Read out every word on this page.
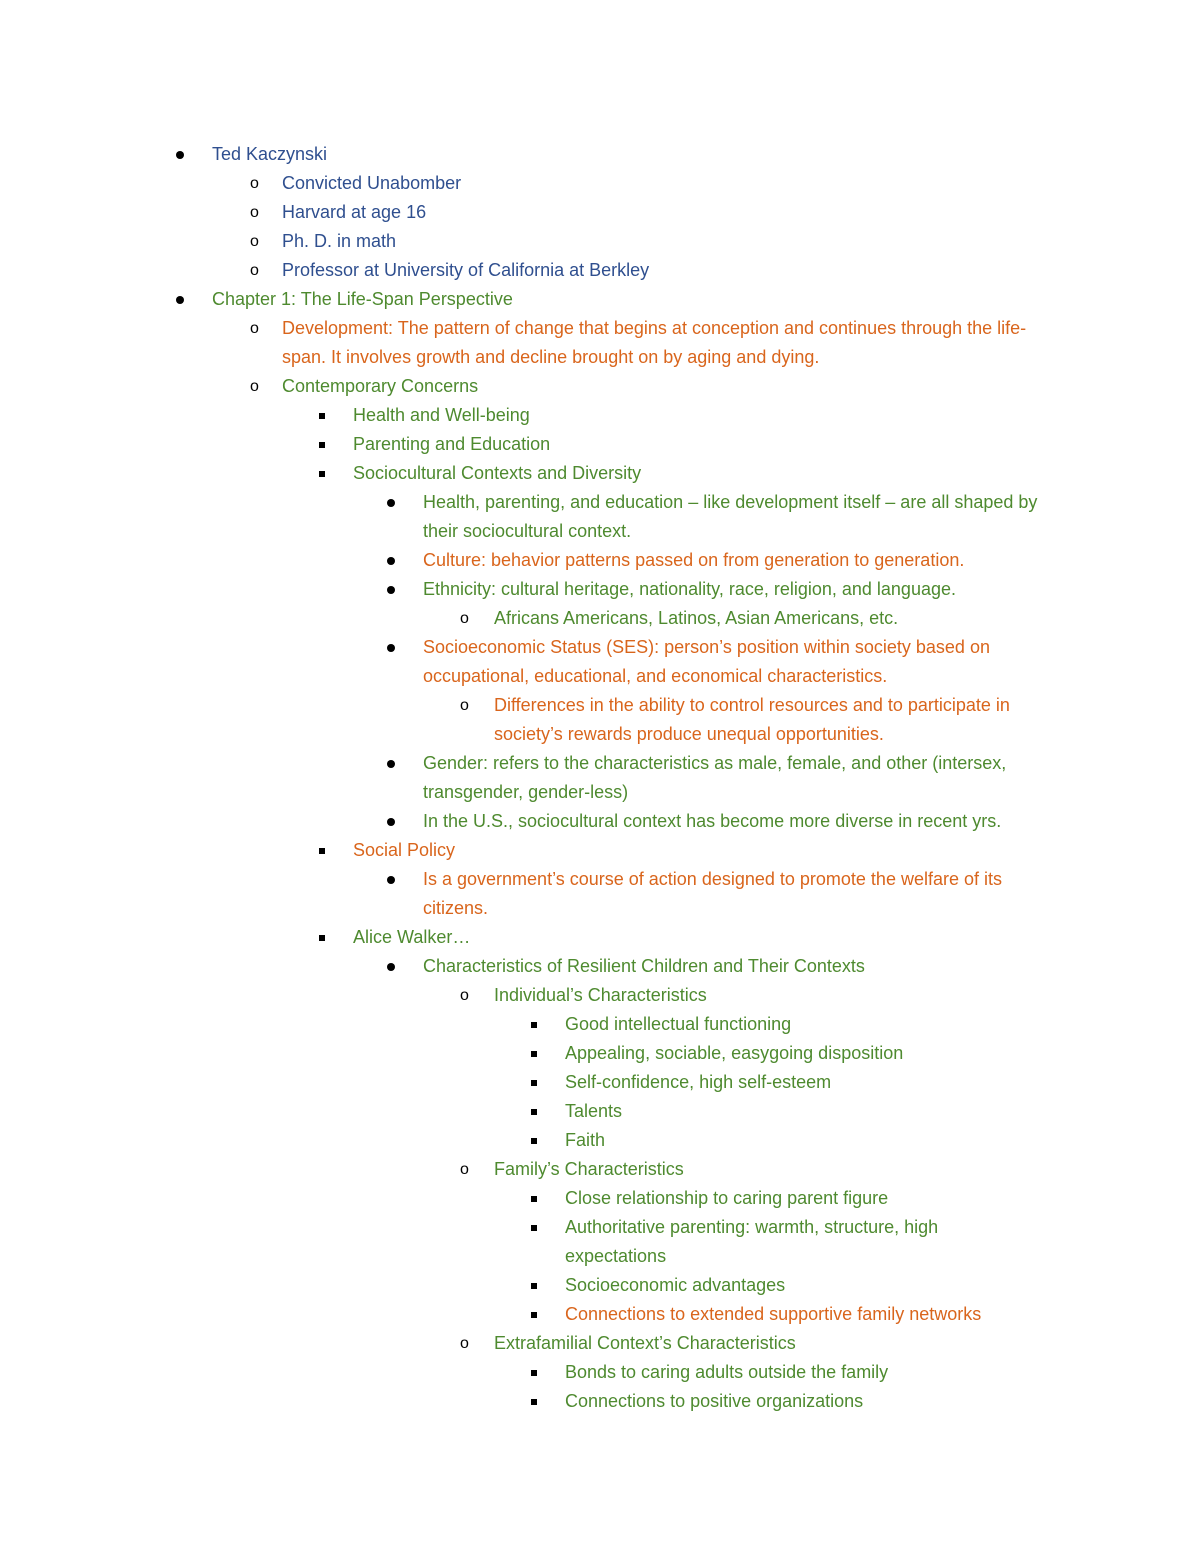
Ted Kaczynski
Convicted Unabomber
Harvard at age 16
Ph. D. in math
Professor at University of California at Berkley
Chapter 1: The Life-Span Perspective
Development: The pattern of change that begins at conception and continues through the life-span. It involves growth and decline brought on by aging and dying.
Contemporary Concerns
Health and Well-being
Parenting and Education
Sociocultural Contexts and Diversity
Health, parenting, and education – like development itself – are all shaped by their sociocultural context.
Culture: behavior patterns passed on from generation to generation.
Ethnicity: cultural heritage, nationality, race, religion, and language.
Africans Americans, Latinos, Asian Americans, etc.
Socioeconomic Status (SES): person’s position within society based on occupational, educational, and economical characteristics.
Differences in the ability to control resources and to participate in society’s rewards produce unequal opportunities.
Gender: refers to the characteristics as male, female, and other (intersex, transgender, gender-less)
In the U.S., sociocultural context has become more diverse in recent yrs.
Social Policy
Is a government’s course of action designed to promote the welfare of its citizens.
Alice Walker…
Characteristics of Resilient Children and Their Contexts
Individual’s Characteristics
Good intellectual functioning
Appealing, sociable, easygoing disposition
Self-confidence, high self-esteem
Talents
Faith
Family’s Characteristics
Close relationship to caring parent figure
Authoritative parenting: warmth, structure, high expectations
Socioeconomic advantages
Connections to extended supportive family networks
Extrafamilial Context’s Characteristics
Bonds to caring adults outside the family
Connections to positive organizations
